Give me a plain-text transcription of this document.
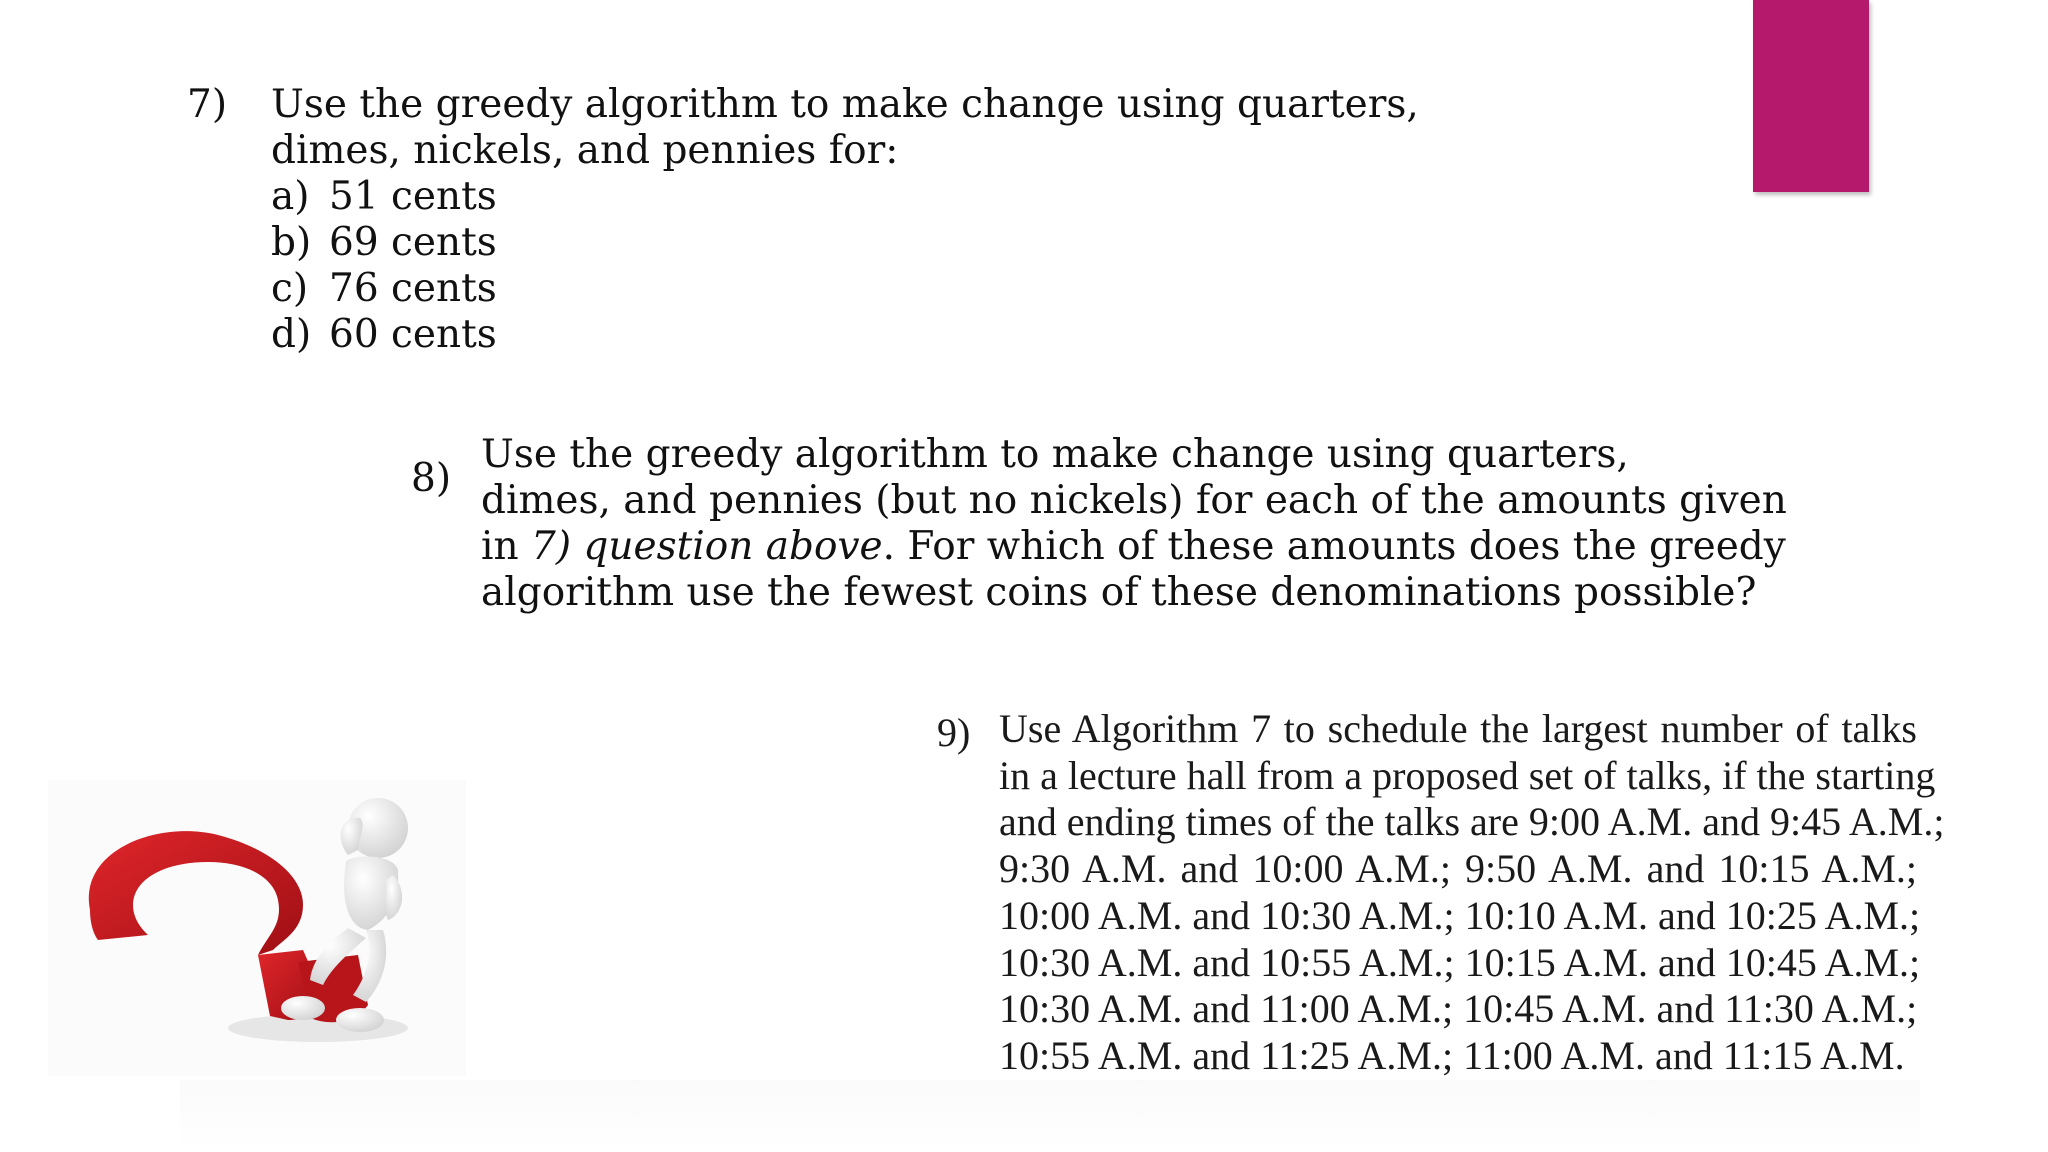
7) Use the greedy algorithm to make change using quarters,
dimes, nickels, and pennies for:
a) 51 cents
b) 69 cents
c) 76 cents
d) 60 cents
8)
Use the greedy algorithm to make change using quarters,
dimes, and pennies (but no nickels) for each of the amounts given
in 7) question above. For which of these amounts does the greedy
algorithm use the fewest coins of these denominations possible?
9) Use Algorithm 7 to schedule the largest number of talks
in a lecture hall from a proposed set of talks, if the starting
and ending times of the talks are 9:00 A.M. and 9:45 A.M.;
9:30 A.M. and 10:00 A.M.; 9:50 A.M. and 10:15 A.M.;
10:00 A.M. and 10:30 A.M.; 10:10 A.M. and 10:25 A.M.;
10:30 A.M. and 10:55 A.M.; 10:15 A.M. and 10:45 A.M.;
10:30 A.M. and 11:00 A.M.; 10:45 A.M. and 11:30 A.M.;
10:55 A.M. and 11:25 A.M.; 11:00 A.M. and 11:15 A.M.
